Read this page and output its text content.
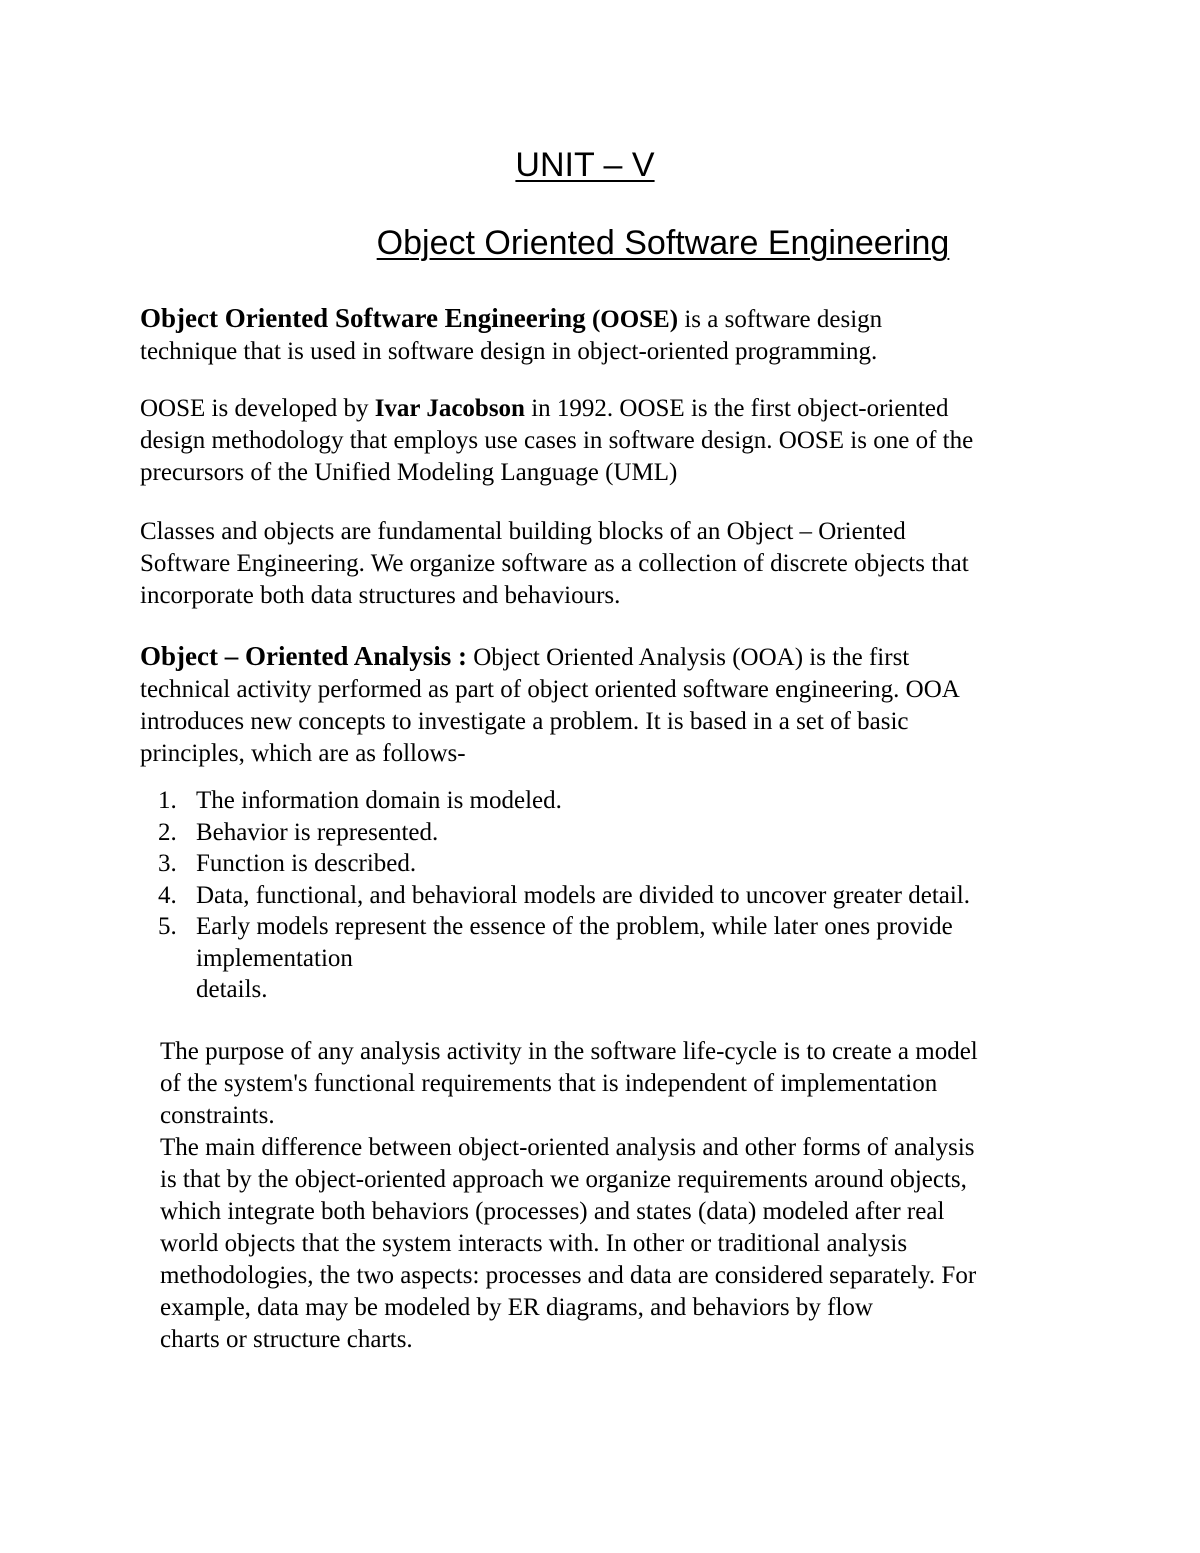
UNIT – V
Object Oriented Software Engineering

Object Oriented Software Engineering (OOSE) is a software design
technique that is used in software design in object-oriented programming.

OOSE is developed by Ivar Jacobson in 1992. OOSE is the first object-oriented
design methodology that employs use cases in software design. OOSE is one of the
precursors of the Unified Modeling Language (UML)

Classes and objects are fundamental building blocks of an Object – Oriented
Software Engineering. We organize software as a collection of discrete objects that
incorporate both data structures and behaviours.

Object – Oriented Analysis : Object Oriented Analysis (OOA) is the first
technical activity performed as part of object oriented software engineering. OOA
introduces new concepts to investigate a problem. It is based in a set of basic
principles, which are as follows-

1. The information domain is modeled.
2. Behavior is represented.
3. Function is described.
4. Data, functional, and behavioral models are divided to uncover greater detail.
5. Early models represent the essence of the problem, while later ones provide
implementation
details.

The purpose of any analysis activity in the software life-cycle is to create a model
of the system's functional requirements that is independent of implementation
constraints.
The main difference between object-oriented analysis and other forms of analysis
is that by the object-oriented approach we organize requirements around objects,
which integrate both behaviors (processes) and states (data) modeled after real
world objects that the system interacts with. In other or traditional analysis
methodologies, the two aspects: processes and data are considered separately. For
example, data may be modeled by ER diagrams, and behaviors by flow
charts or structure charts.
